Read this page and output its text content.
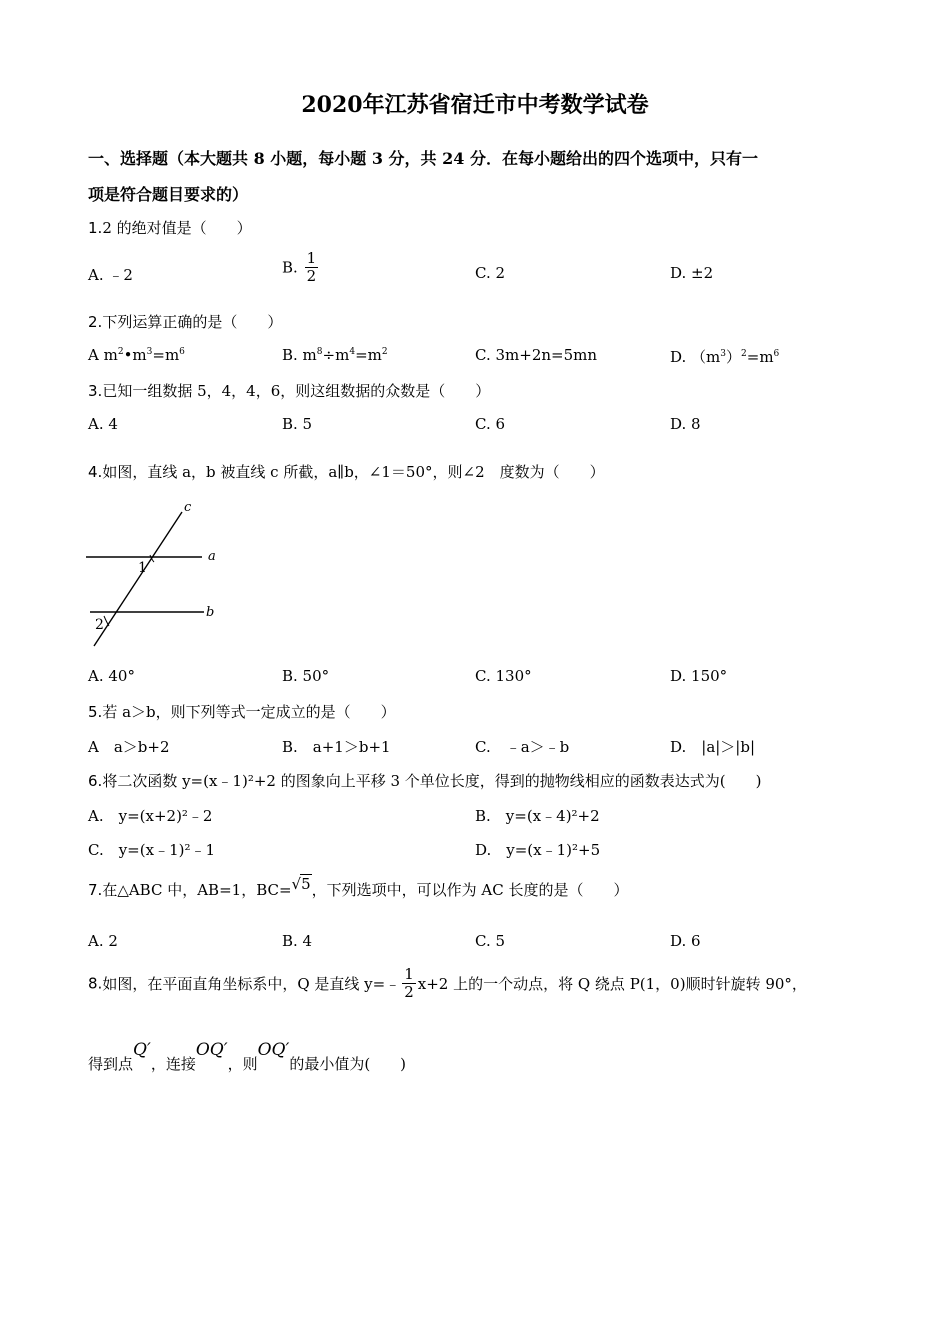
2020年江苏省宿迁市中考数学试卷
一、选择题（本大题共 8 小题，每小题 3 分，共 24 分．在每小题给出的四个选项中，只有一
项是符合题目要求的）
1.2 的绝对值是（　　）
A. ﹣2	B. $\frac{1}{2}$	C. 2	D. ±2
2.下列运算正确的是（　　）
A $m^2•m^3=m^6$	B. $m^8\div m^4=m^2$	C. 3m+2n=5mn	D. $(m^3)^2=m^6$
3.已知一组数据 5，4，4，6，则这组数据的众数是（　　）
A. 4	B. 5	C. 6	D. 8
4.如图，直线 a，b 被直线 c 所截，a∥b，∠1＝50°，则∠2　度数为（　　）
c
a
b
1
2
A. 40°	B. 50°	C. 130°	D. 150°
5.若 a＞b，则下列等式一定成立的是（　　）
A　a＞b+2	B.　a+1＞b+1	C.　﹣a＞﹣b	D.　|a|＞|b|
6.将二次函数 y=(x﹣1)²+2 的图象向上平移 3 个单位长度，得到的抛物线相应的函数表达式为(　　)
A.　y=(x+2)²﹣2	B.　y=(x﹣4)²+2
C.　y=(x﹣1)²﹣1	D.　y=(x﹣1)²+5
7.在△ABC 中，AB=1，BC=√5，下列选项中，可以作为 AC 长度的是（　　）
A. 2	B. 4	C. 5	D. 6
8.如图，在平面直角坐标系中，Q 是直线 y=﹣ $\frac{1}{2} x+2$ 上的一个动点，将 Q 绕点 P(1，0)顺时针旋转 90°，
得到点Q′，连接OQ′，则OQ′的最小值为(　　)
